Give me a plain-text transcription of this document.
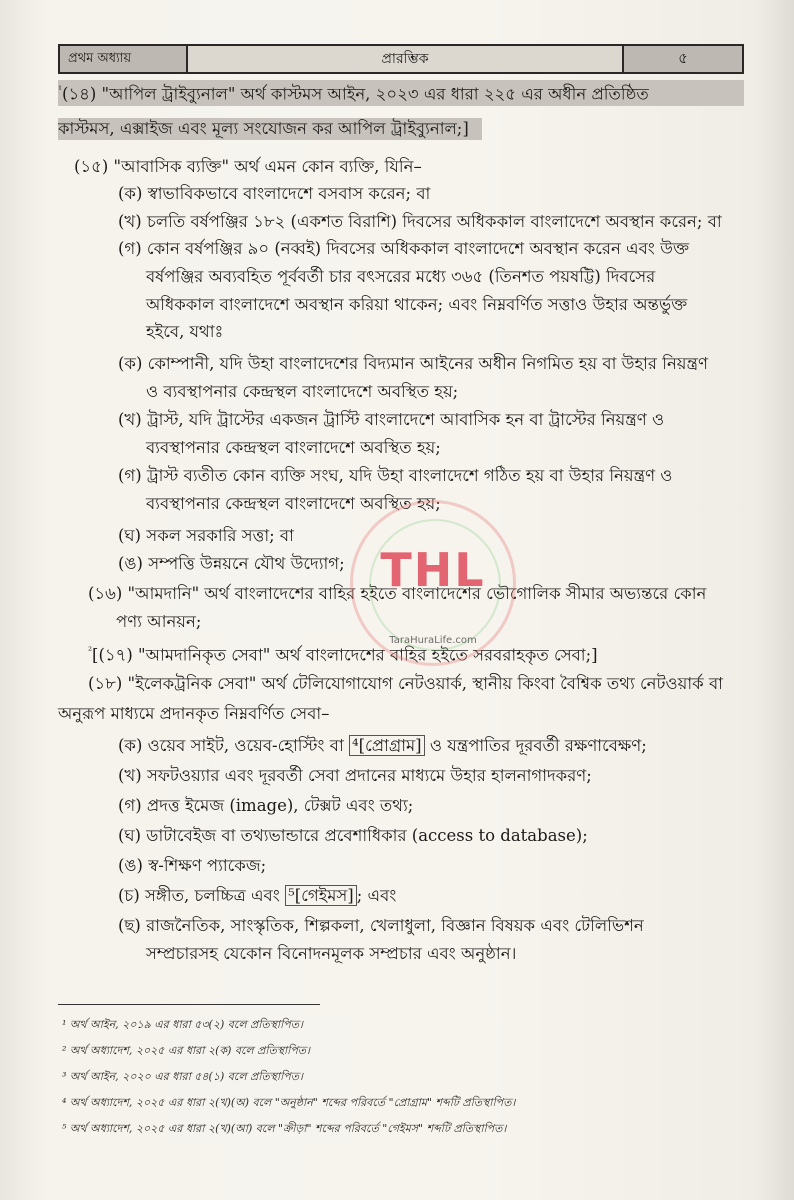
প্রথম অধ্যায়	প্রারম্ভিক	৫
$^{^1}$(১৪) "আপিল ট্রাইব্যুনাল" অর্থ কাস্টমস আইন, ২০২৩ এর ধারা ২২৫ এর অধীন প্রতিষ্ঠিত
কাস্টমস, এক্সাইজ এবং মূল্য সংযোজন কর আপিল ট্রাইব্যুনাল;]
(১৫) "আবাসিক ব্যক্তি" অর্থ এমন কোন ব্যক্তি, যিনি–
(ক) স্বাভাবিকভাবে বাংলাদেশে বসবাস করেন; বা
(খ) চলতি বর্ষপঞ্জির ১৮২ (একশত বিরাশি) দিবসের অধিককাল বাংলাদেশে অবস্থান করেন; বা
(গ) কোন বর্ষপঞ্জির ৯০ (নব্বই) দিবসের অধিককাল বাংলাদেশে অবস্থান করেন এবং উক্ত
বর্ষপঞ্জির অব্যবহিত পূর্ববর্তী চার বৎসরের মধ্যে ৩৬৫ (তিনশত পয়ষট্টি) দিবসের
অধিককাল বাংলাদেশে অবস্থান করিয়া থাকেন; এবং নিম্নবর্ণিত সত্তাও উহার অন্তর্ভুক্ত
হইবে, যথাঃ
(ক) কোম্পানী, যদি উহা বাংলাদেশের বিদ্যমান আইনের অধীন নিগমিত হয় বা উহার নিয়ন্ত্রণ
ও ব্যবস্থাপনার কেন্দ্রস্থল বাংলাদেশে অবস্থিত হয়;
(খ) ট্রাস্ট, যদি ট্রাস্টের একজন ট্রাস্টি বাংলাদেশে আবাসিক হন বা ট্রাস্টের নিয়ন্ত্রণ ও
ব্যবস্থাপনার কেন্দ্রস্থল বাংলাদেশে অবস্থিত হয়;
(গ) ট্রাস্ট ব্যতীত কোন ব্যক্তি সংঘ, যদি উহা বাংলাদেশে গঠিত হয় বা উহার নিয়ন্ত্রণ ও
ব্যবস্থাপনার কেন্দ্রস্থল বাংলাদেশে অবস্থিত হয়;
(ঘ) সকল সরকারি সত্তা; বা
(ঙ) সম্পত্তি উন্নয়নে যৌথ উদ্যোগ;
(১৬) "আমদানি" অর্থ বাংলাদেশের বাহির হইতে বাংলাদেশের ভৌগোলিক সীমার অভ্যন্তরে কোন
পণ্য আনয়ন;
$^{^2}$[(১৭) "আমদানিকৃত সেবা" অর্থ বাংলাদেশের বাহির হইতে সরবরাহকৃত সেবা;]
(১৮) "ইলেকট্রনিক সেবা" অর্থ টেলিযোগাযোগ নেটওয়ার্ক, স্থানীয় কিংবা বৈশ্বিক তথ্য নেটওয়ার্ক বা
অনুরূপ মাধ্যমে প্রদানকৃত নিম্নবর্ণিত সেবা–
(ক) ওয়েব সাইট, ওয়েব-হোস্টিং বা ⁴[প্রোগ্রাম] ও যন্ত্রপাতির দূরবর্তী রক্ষণাবেক্ষণ;
(খ) সফটওয়্যার এবং দূরবর্তী সেবা প্রদানের মাধ্যমে উহার হালনাগাদকরণ;
(গ) প্রদত্ত ইমেজ (image), টেক্সট এবং তথ্য;
(ঘ) ডাটাবেইজ বা তথ্যভান্ডারে প্রবেশাধিকার (access to database);
(ঙ) স্ব-শিক্ষণ প্যাকেজ;
(চ) সঙ্গীত, চলচ্চিত্র এবং ⁵[গেইমস] ; এবং
(ছ) রাজনৈতিক, সাংস্কৃতিক, শিল্পকলা, খেলাধুলা, বিজ্ঞান বিষয়ক এবং টেলিভিশন
সম্প্রচারসহ যেকোন বিনোদনমূলক সম্প্রচার এবং অনুষ্ঠান।
THL
TaraHuraLife.com
¹ অর্থ আইন, ২০১৯ এর ধারা ৫৩(২) বলে প্রতিস্থাপিত।
² অর্থ অধ্যাদেশ, ২০২৫ এর ধারা ২(ক) বলে প্রতিস্থাপিত।
³ অর্থ আইন, ২০২০ এর ধারা ৫৪(১) বলে প্রতিস্থাপিত।
⁴ অর্থ অধ্যাদেশ, ২০২৫ এর ধারা ২(খ)(অ) বলে "অনুষ্ঠান" শব্দের পরিবর্তে "প্রোগ্রাম" শব্দটি প্রতিস্থাপিত।
⁵ অর্থ অধ্যাদেশ, ২০২৫ এর ধারা ২(খ)(আ) বলে "ক্রীড়া" শব্দের পরিবর্তে "গেইমস" শব্দটি প্রতিস্থাপিত।
